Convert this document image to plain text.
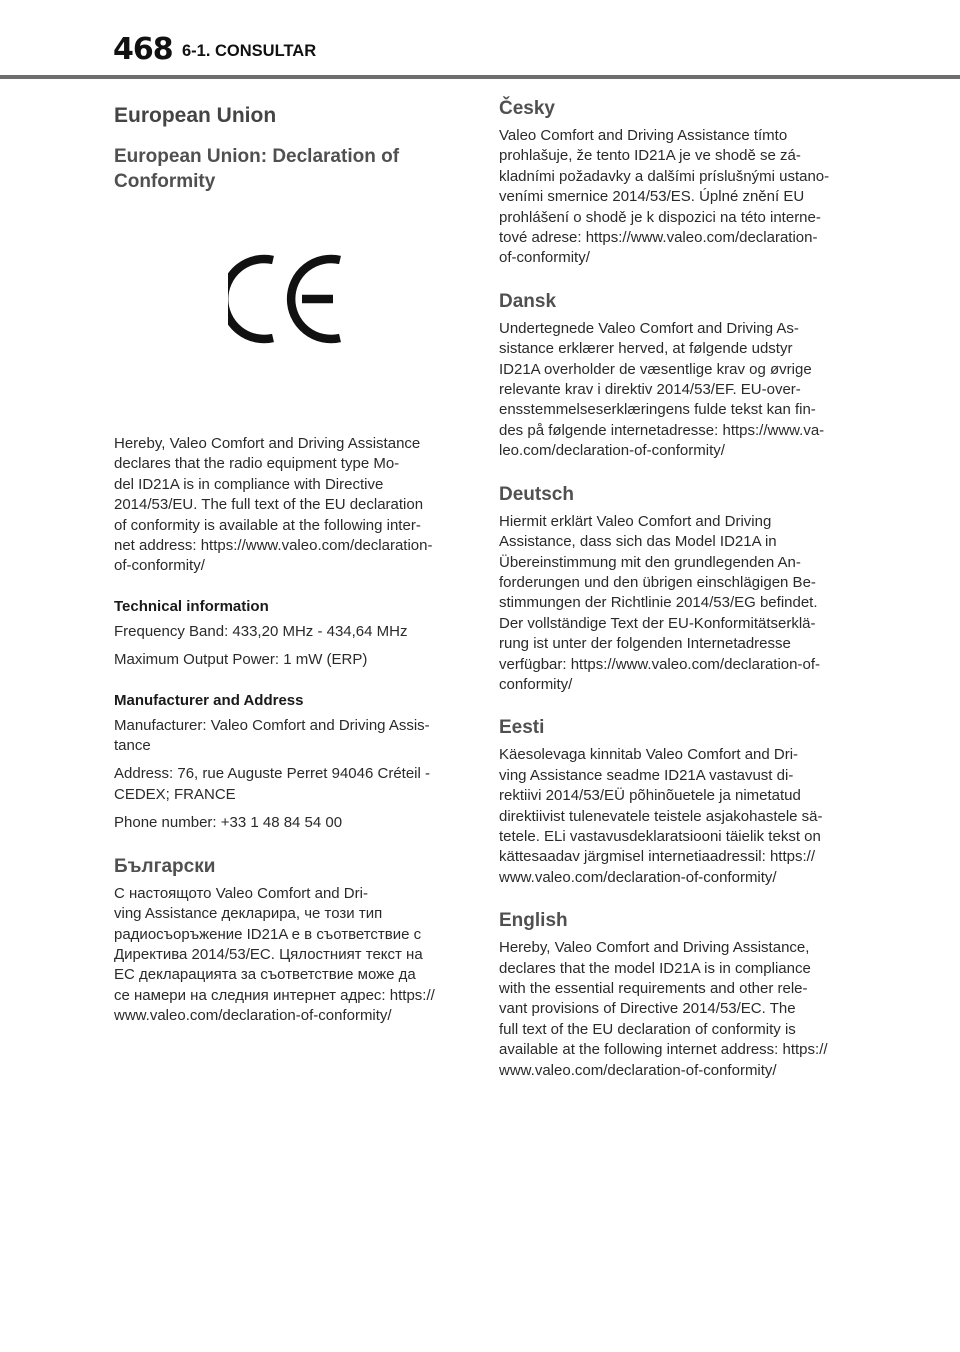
468 6-1. CONSULTAR
European Union
European Union: Declaration of
Conformity

Hereby, Valeo Comfort and Driving Assistance

declares that the radio equipment type Mo-

del ID21A is in compliance with Directive

2014/53/EU. The full text of the EU declaration

of conformity is available at the following inter-

net address: https://www.valeo.com/declaration-

of-conformity/

Technical information

Frequency Band: 433,20 MHz - 434,64 MHz

Maximum Output Power: 1 mW (ERP)

Manufacturer and Address

Manufacturer: Valeo Comfort and Driving Assis-

tance

Address: 76, rue Auguste Perret 94046 Créteil -

CEDEX; FRANCE

Phone number: +33 1 48 84 54 00

Български

С настоящото Valeo Comfort and Dri-

ving Assistance декларира, че този тип

радиосъоръжение ID21A е в съответствие с

Директива 2014/53/ЕС. Цялостният текст на

ЕС декларацията за съответствие може да

се намери на следния интернет адрес: https://

www.valeo.com/declaration-of-conformity/

Česky

Valeo Comfort and Driving Assistance tímto

prohlašuje, že tento ID21A je ve shodě se zá-

kladními požadavky a dalšími príslušnými ustano-

veními smernice 2014/53/ES. Úplné znění EU

prohlášení o shodě je k dispozici na této interne-

tové adrese: https://www.valeo.com/declaration-

of-conformity/

Dansk

Undertegnede Valeo Comfort and Driving As-

sistance erklærer herved, at følgende udstyr

ID21A overholder de væsentlige krav og øvrige

relevante krav i direktiv 2014/53/EF. EU-over-

ensstemmelseserklæringens fulde tekst kan fin-

des på følgende internetadresse: https://www.va-

leo.com/declaration-of-conformity/

Deutsch

Hiermit erklärt Valeo Comfort and Driving

Assistance, dass sich das Model ID21A in

Übereinstimmung mit den grundlegenden An-

forderungen und den übrigen einschlägigen Be-

stimmungen der Richtlinie 2014/53/EG befindet.

Der vollständige Text der EU-Konformitätserklä-

rung ist unter der folgenden Internetadresse

verfügbar: https://www.valeo.com/declaration-of-

conformity/

Eesti

Käesolevaga kinnitab Valeo Comfort and Dri-

ving Assistance seadme ID21A vastavust di-

rektiivi 2014/53/EÜ põhinõuetele ja nimetatud

direktiivist tulenevatele teistele asjakohastele sä-

tetele. ELi vastavusdeklaratsiooni täielik tekst on

kättesaadav järgmisel internetiaadressil: https://

www.valeo.com/declaration-of-conformity/

English

Hereby, Valeo Comfort and Driving Assistance,

declares that the model ID21A is in compliance

with the essential requirements and other rele-

vant provisions of Directive 2014/53/EC. The

full text of the EU declaration of conformity is

available at the following internet address: https://

www.valeo.com/declaration-of-conformity/
